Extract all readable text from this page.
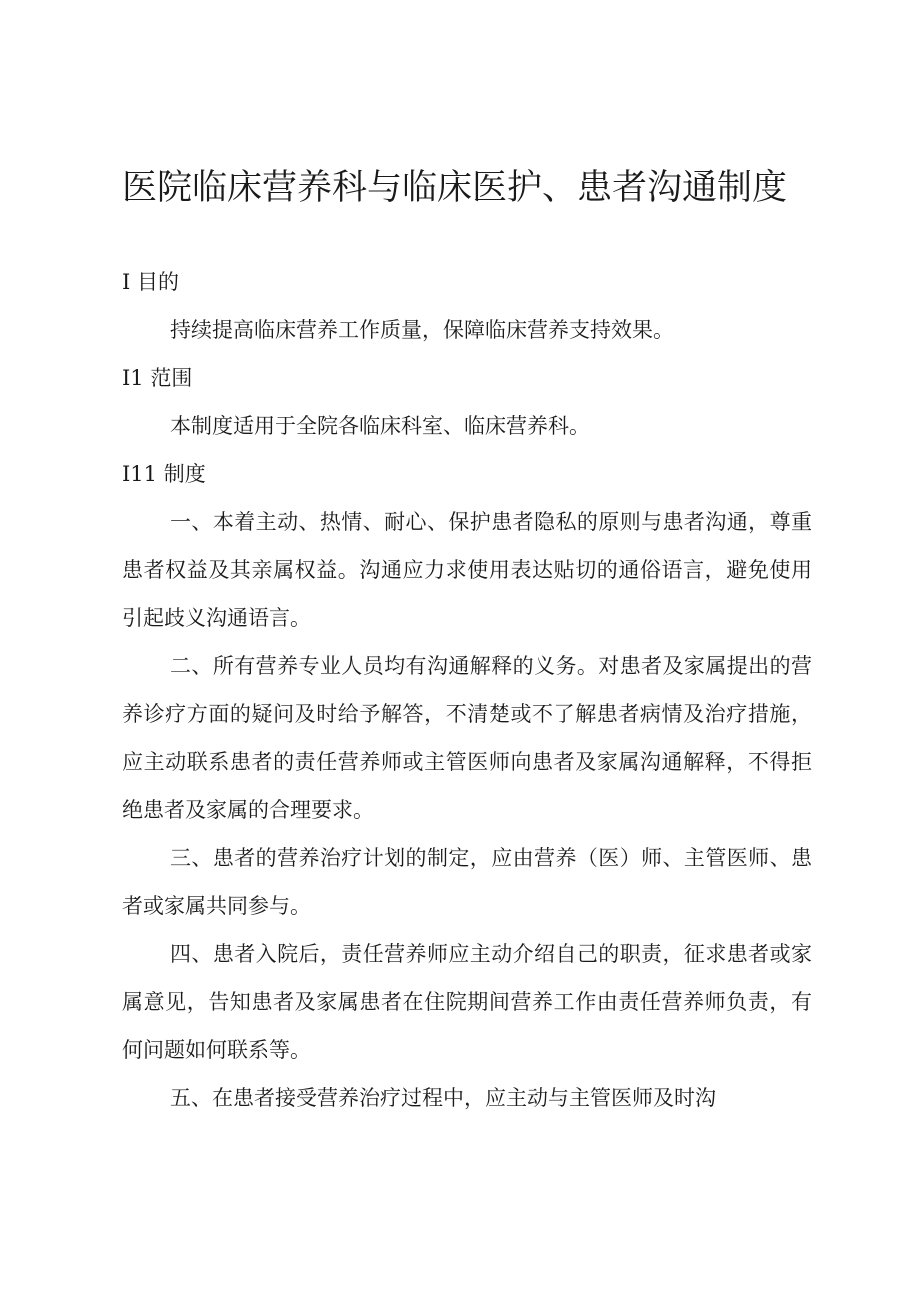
医院临床营养科与临床医护、患者沟通制度
I 目的

持续提高临床营养工作质量，保障临床营养支持效果。

I1 范围

本制度适用于全院各临床科室、临床营养科。

I11 制度

一、本着主动、热情、耐心、保护患者隐私的原则与患者沟通，尊重患者权益及其亲属权益。沟通应力求使用表达贴切的通俗语言，避免使用引起歧义沟通语言。

二、所有营养专业人员均有沟通解释的义务。对患者及家属提出的营养诊疗方面的疑问及时给予解答，不清楚或不了解患者病情及治疗措施，应主动联系患者的责任营养师或主管医师向患者及家属沟通解释，不得拒绝患者及家属的合理要求。

三、患者的营养治疗计划的制定，应由营养（医）师、主管医师、患者或家属共同参与。

四、患者入院后，责任营养师应主动介绍自己的职责，征求患者或家属意见，告知患者及家属患者在住院期间营养工作由责任营养师负责，有何问题如何联系等。

五、在患者接受营养治疗过程中，应主动与主管医师及时沟
